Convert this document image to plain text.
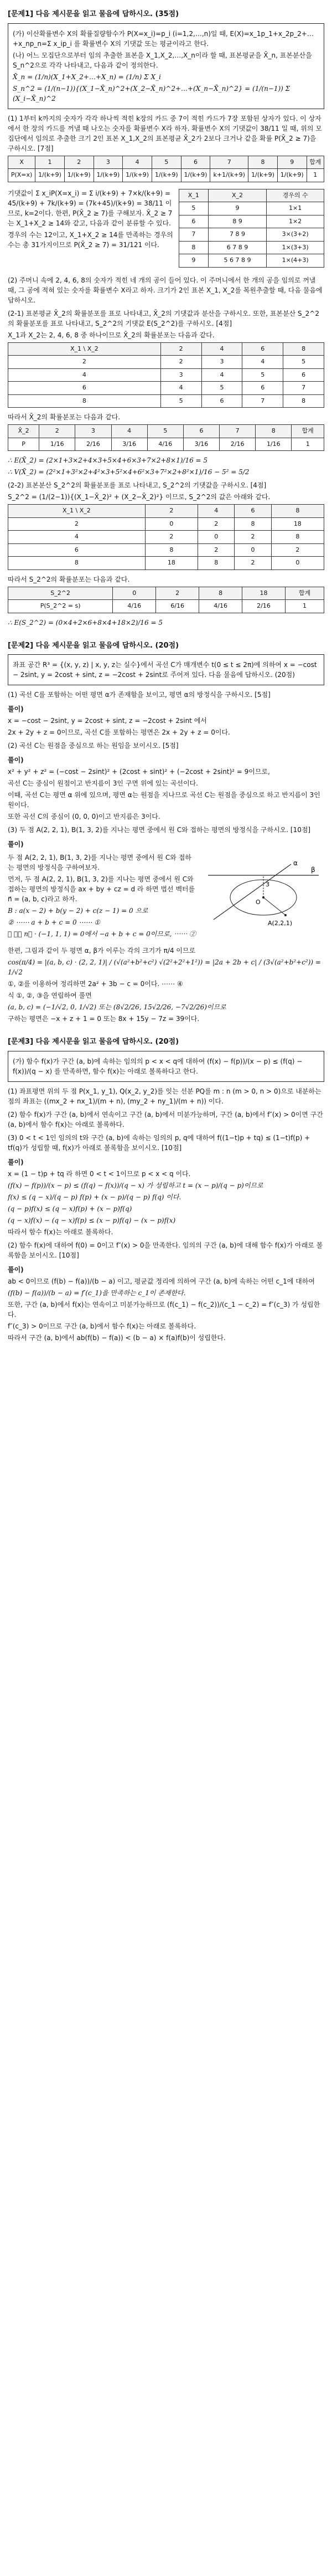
[문제1] 다음 제시문을 읽고 물음에 답하시오. (35점)

(가) 이산확률변수 X의 확률질량함수가 P(X=x_i)=p_i (i=1,2,…,n)일 때, E(X)=x_1p_1+x_2p_2+…+x_np_n=Σ x_ip_i 를 확률변수 X의 기댓값 또는 평균이라고 한다.

(나) 어느 모집단으로부터 임의 추출한 표본을 X_1,X_2,…,X_n이라 할 때, 표본평균을 X̄_n, 표본분산을 S_n^2으로 각각 나타내고, 다음과 같이 정의한다.

X̄_n = (1/n)(X_1+X_2+…+X_n) = (1/n) Σ X_i

S_n^2 = (1/(n−1)){(X_1−X̄_n)^2+(X_2−X̄_n)^2+…+(X_n−X̄_n)^2} = (1/(n−1)) Σ (X_i−X̄_n)^2

(1) 1부터 k까지의 숫자가 각각 하나씩 적힌 k장의 카드 중 7이 적힌 카드가 7장 포함된 상자가 있다. 이 상자에서 한 장의 카드를 꺼낼 때 나오는 숫자를 확률변수 X라 하자. 확률변수 X의 기댓값이 38/11 일 때, 위의 모집단에서 임의로 추출한 크기 2인 표본 X_1,X_2의 표본평균 X̄_2가 2보다 크거나 같을 확률 P(X̄_2 ≥ 7)을 구하시오. [7점]

X	1	2	3	4	5	6	7	8	9	합계
P(X=x)	1/(k+9)	1/(k+9)	1/(k+9)	1/(k+9)	1/(k+9)	1/(k+9)	k+1/(k+9)	1/(k+9)	1/(k+9)	1
X_1	X_2	경우의 수
5	9	1×1
6	8 9	1×2
7	7 8 9	3×(3+2)
8	6 7 8 9	1×(3+3)
9	5 6 7 8 9	1×(4+3)

기댓값이 Σ x_iP(X=x_i) = Σ i/(k+9) + 7×k/(k+9) = 45/(k+9) + 7k/(k+9) = (7k+45)/(k+9) = 38/11 이므로, k=2이다. 한편, P(X̄_2 ≥ 7)를 구해보자. X̄_2 ≥ 7는 X_1+X_2 ≥ 14와 같고, 다음과 같이 분류할 수 있다.

경우의 수는 12이고, X_1+X_2 ≥ 14를 만족하는 경우의 수는 총 31가지이므로 P(X̄_2 ≥ 7) = 31/121 이다.

(2) 주머니 속에 2, 4, 6, 8의 숫자가 적힌 네 개의 공이 들어 있다. 이 주머니에서 한 개의 공을 임의로 꺼낼 때, 그 공에 적혀 있는 숫자를 확률변수 X라고 하자. 크기가 2인 표본 X_1, X_2를 복원추출할 때, 다음 물음에 답하시오.

(2-1) 표본평균 X̄_2의 확률분포를 표로 나타내고, X̄_2의 기댓값과 분산을 구하시오. 또한, 표본분산 S_2^2의 확률분포를 표로 나타내고, S_2^2의 기댓값 E(S_2^2)를 구하시오. [4점]

X_1과 X_2는 2, 4, 6, 8 중 하나이므로 X̄_2의 확률분포는 다음과 같다.

X_1 \ X_2	2	4	6	8
2	2	3	4	5
4	3	4	5	6
6	4	5	6	7
8	5	6	7	8

따라서 X̄_2의 확률분포는 다음과 같다.

X̄_2	2	3	4	5	6	7	8	합계
P	1/16	2/16	3/16	4/16	3/16	2/16	1/16	1

∴ E(X̄_2) = (2×1+3×2+4×3+5×4+6×3+7×2+8×1)/16 = 5

∴ V(X̄_2) = (2²×1+3²×2+4²×3+5²×4+6²×3+7²×2+8²×1)/16 − 5² = 5/2

(2-2) 표본분산 S_2^2의 확률분포를 표로 나타내고, S_2^2의 기댓값을 구하시오. [4점]

S_2^2 = (1/(2−1)){(X_1−X̄_2)² + (X_2−X̄_2)²} 이므로, S_2^2의 값은 아래와 같다.

X_1 \ X_2	2	4	6	8
2	0	2	8	18
4	2	0	2	8
6	8	2	0	2
8	18	8	2	0

따라서 S_2^2의 확률분포는 다음과 같다.

S_2^2	0	2	8	18	합계
P(S_2^2 = s)	4/16	6/16	4/16	2/16	1

∴ E(S_2^2) = (0×4+2×6+8×4+18×2)/16 = 5

[문제2] 다음 제시문을 읽고 물음에 답하시오. (20점)

좌표 공간 R³ = {(x, y, z) | x, y, z는 실수}에서 곡선 C가 매개변수 t(0 ≤ t ≤ 2π)에 의하여 x = −cost − 2sint, y = 2cost + sint, z = −2cost + 2sint로 주어져 있다. 다음 물음에 답하시오. (20점)

(1) 곡선 C를 포함하는 어떤 평면 α가 존재함을 보이고, 평면 α의 방정식을 구하시오. [5점]

풀이)

x = −cost − 2sint, y = 2cost + sint, z = −2cost + 2sint 에서

2x + 2y + z = 0이므로, 곡선 C를 포함하는 평면은 2x + 2y + z = 0이다.

(2) 곡선 C는 원점을 중심으로 하는 원임을 보이시오. [5점]

풀이)

x² + y² + z² = (−cost − 2sint)² + (2cost + sint)² + (−2cost + 2sint)² = 9이므로,

곡선 C는 중심이 원점이고 반지름이 3인 구면 위에 있는 곡선이다.

이때, 곡선 C는 평면 α 위에 있으며, 평면 α는 원점을 지나므로 곡선 C는 원점을 중심으로 하고 반지름이 3인 원이다.

또한 곡선 C의 중심이 (0, 0, 0)이고 반지름은 3이다.

(3) 두 점 A(2, 2, 1), B(1, 3, 2)를 지나는 평면 중에서 원 C와 접하는 평면의 방정식을 구하시오. [10점]

풀이)
β
α
3
A(2,2,1)
O

두 점 A(2, 2, 1), B(1, 3, 2)를 지나는 평면 중에서 원 C와 접하는 평면의 방정식을 구하여보자.

먼저, 두 점 A(2, 2, 1), B(1, 3, 2)를 지나는 평면 중에서 원 C와 접하는 평면의 방정식을 ax + by + cz = d 라 하면 법선 벡터를 n⃗ = (a, b, c)라고 하자.

B : a(x − 2) + b(y − 2) + c(z − 1) = 0 으로

② ⋯⋯ a + b + c = 0 ⋯⋯ ①

③ ⋯⋯ n⃗ · (−1, 1, 1) = 0에서 −a + b + c = 0이므로, ⋯⋯ ②

한편, 그림과 같이 두 평면 α, β가 이루는 각의 크기가 π/4 이므로

cos(π/4) = |(a, b, c) · (2, 2, 1)| / (√(a²+b²+c²) √(2²+2²+1²)) = |2a + 2b + c| / (3√(a²+b²+c²)) = 1/√2

①, ②를 이용하여 정리하면 2a² + 3b − c = 0이다. ⋯⋯ ④

식 ①, ②, ③을 연립하여 풀면

(a, b, c) = (−1/√2, 0, 1/√2) 또는 (8√2/26, 15√2/26, −7√2/26)이므로

구하는 평면은 −x + z + 1 = 0 또는 8x + 15y − 7z = 39이다.

[문제3] 다음 제시문을 읽고 물음에 답하시오. (20점)

(가) 함수 f(x)가 구간 (a, b)에 속하는 임의의 p < x < q에 대하여 (f(x) − f(p))/(x − p) ≤ (f(q) − f(x))/(q − x) 를 만족하면, 함수 f(x)는 아래로 볼록하다고 한다.

(1) 좌표평면 위의 두 점 P(x_1, y_1), Q(x_2, y_2)를 잇는 선분 PQ를 m : n (m > 0, n > 0)으로 내분하는 점의 좌표는 ((mx_2 + nx_1)/(m + n), (my_2 + ny_1)/(m + n)) 이다.

(2) 함수 f(x)가 구간 (a, b)에서 연속이고 구간 (a, b)에서 미분가능하며, 구간 (a, b)에서 f″(x) > 0이면 구간 (a, b)에서 함수 f(x)는 아래로 볼록하다.

(3) 0 < t < 1인 임의의 t와 구간 (a, b)에 속하는 임의의 p, q에 대하여 f((1−t)p + tq) ≤ (1−t)f(p) + tf(q)가 성립할 때, f(x)가 아래로 볼록함을 보이시오. [10점]

풀이)

x = (1 − t)p + tq 라 하면 0 < t < 1이므로 p < x < q 이다.

(f(x) − f(p))/(x − p) ≤ (f(q) − f(x))/(q − x) 가 성립하고 t = (x − p)/(q − p)이므로

f(x) ≤ (q − x)/(q − p) f(p) + (x − p)/(q − p) f(q) 이다.

(q − p)f(x) ≤ (q − x)f(p) + (x − p)f(q)

(q − x)f(x) − (q − x)f(p) ≤ (x − p)f(q) − (x − p)f(x)

따라서 함수 f(x)는 아래로 볼록하다.

(2) 함수 f(x)에 대하여 f(0) = 0이고 f″(x) > 0을 만족한다. 임의의 구간 (a, b)에 대해 함수 f(x)가 아래로 볼록함을 보이시오. [10점]

풀이)

ab < 0이므로 (f(b) − f(a))/(b − a) 이고, 평균값 정리에 의하여 구간 (a, b)에 속하는 어떤 c_1에 대하여

(f(b) − f(a))/(b − a) = f′(c_1)을 만족하는 c_1이 존재한다.

또한, 구간 (a, b)에서 f(x)는 연속이고 미분가능하므로 (f(c_1) − f(c_2))/(c_1 − c_2) = f″(c_3) 가 성립한다.

f″(c_3) > 0이므로 구간 (a, b)에서 함수 f(x)는 아래로 볼록하다.

따라서 구간 (a, b)에서 ab(f(b) − f(a)) < (b − a) × f(a)f(b)이 성립한다.
